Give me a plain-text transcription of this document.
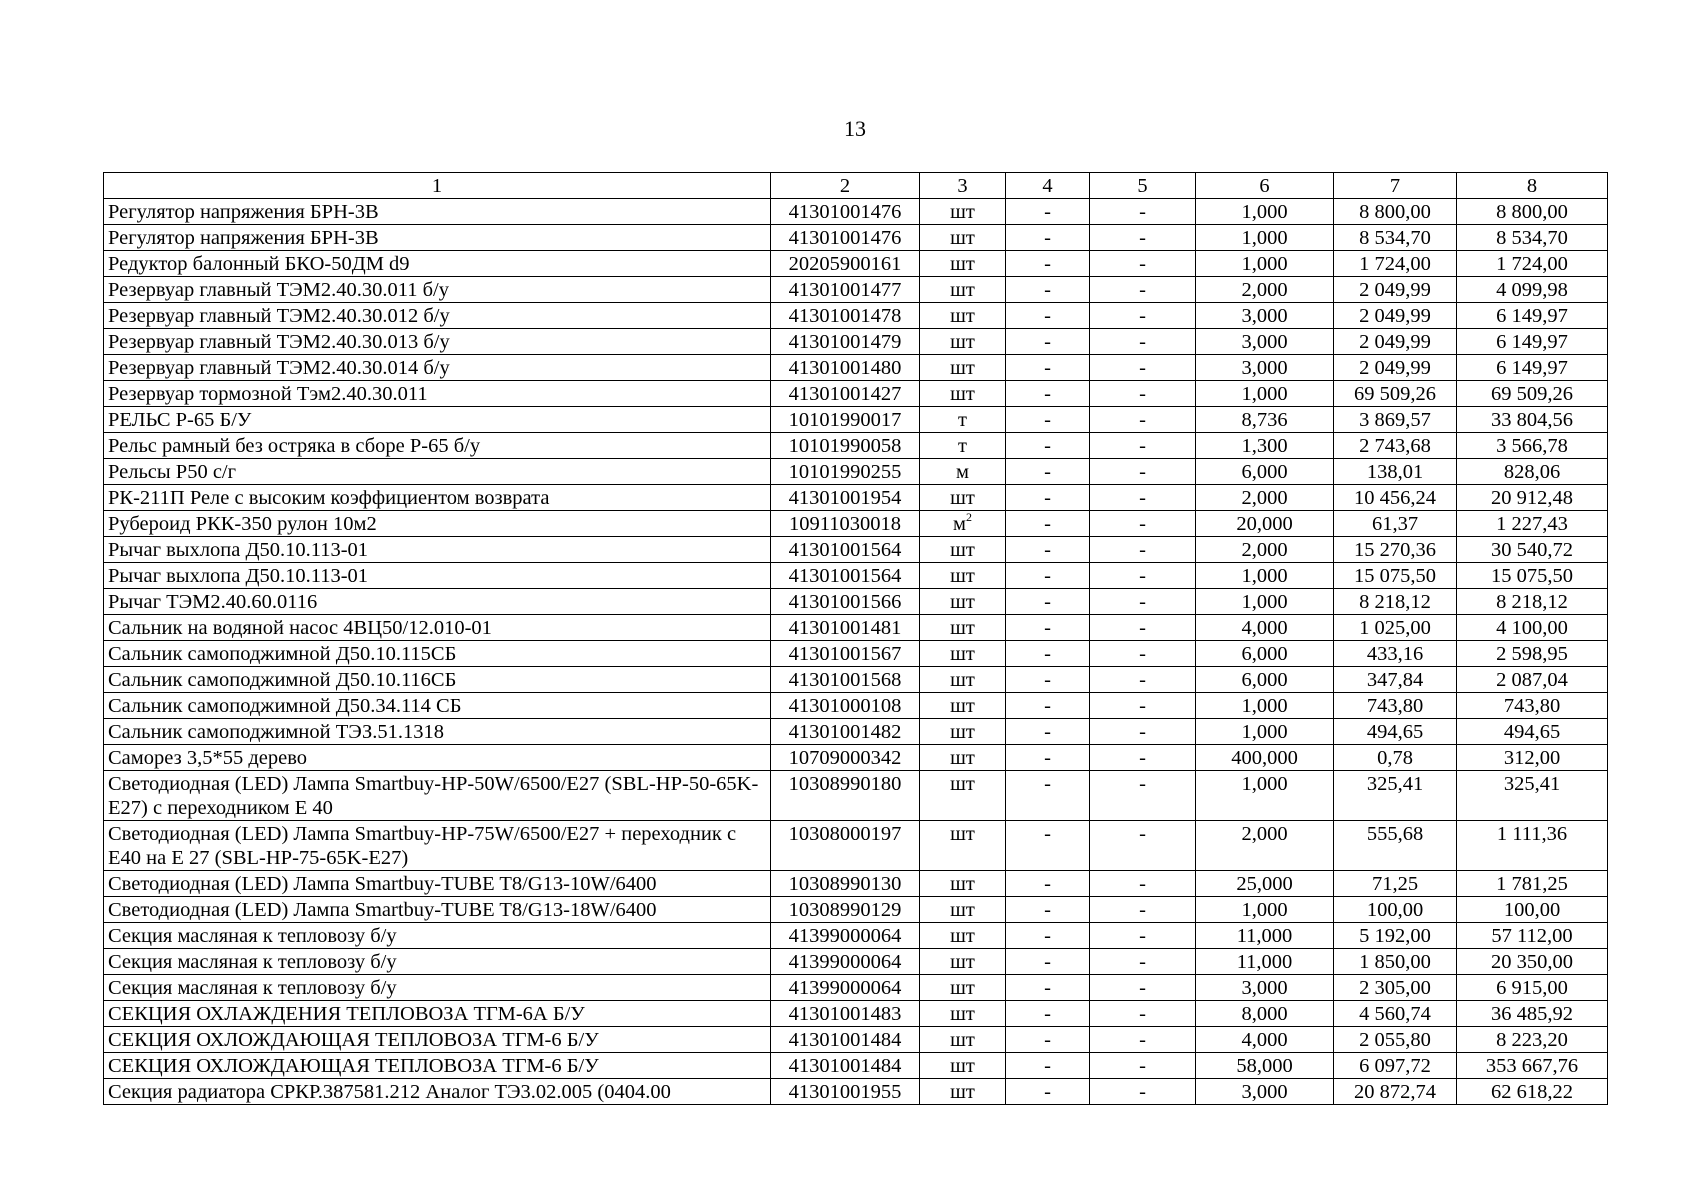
13
1	2	3	4	5	6	7	8
Регулятор напряжения БРН-3В	41301001476	шт	-	-	1,000	8 800,00	8 800,00
Регулятор напряжения БРН-3В	41301001476	шт	-	-	1,000	8 534,70	8 534,70
Редуктор балонный БКО-50ДМ d9	20205900161	шт	-	-	1,000	1 724,00	1 724,00
Резервуар главный ТЭМ2.40.30.011 б/у	41301001477	шт	-	-	2,000	2 049,99	4 099,98
Резервуар главный ТЭМ2.40.30.012 б/у	41301001478	шт	-	-	3,000	2 049,99	6 149,97
Резервуар главный ТЭМ2.40.30.013 б/у	41301001479	шт	-	-	3,000	2 049,99	6 149,97
Резервуар главный ТЭМ2.40.30.014 б/у	41301001480	шт	-	-	3,000	2 049,99	6 149,97
Резервуар тормозной Тэм2.40.30.011	41301001427	шт	-	-	1,000	69 509,26	69 509,26
РЕЛЬС Р-65 Б/У	10101990017	т	-	-	8,736	3 869,57	33 804,56
Рельс рамный без остряка в сборе Р-65 б/у	10101990058	т	-	-	1,300	2 743,68	3 566,78
Рельсы Р50 с/г	10101990255	м	-	-	6,000	138,01	828,06
РК-211П Реле с высоким коэффициентом возврата	41301001954	шт	-	-	2,000	10 456,24	20 912,48
Рубероид РКК-350 рулон 10м2	10911030018	$м^2$	-	-	20,000	61,37	1 227,43
Рычаг выхлопа Д50.10.113-01	41301001564	шт	-	-	2,000	15 270,36	30 540,72
Рычаг выхлопа Д50.10.113-01	41301001564	шт	-	-	1,000	15 075,50	15 075,50
Рычаг ТЭМ2.40.60.0116	41301001566	шт	-	-	1,000	8 218,12	8 218,12
Сальник на водяной насос 4ВЦ50/12.010-01	41301001481	шт	-	-	4,000	1 025,00	4 100,00
Сальник самоподжимной Д50.10.115СБ	41301001567	шт	-	-	6,000	433,16	2 598,95
Сальник самоподжимной Д50.10.116СБ	41301001568	шт	-	-	6,000	347,84	2 087,04
Сальник самоподжимной Д50.34.114 СБ	41301000108	шт	-	-	1,000	743,80	743,80
Сальник самоподжимной ТЭЗ.51.1318	41301001482	шт	-	-	1,000	494,65	494,65
Саморез 3,5*55 дерево	10709000342	шт	-	-	400,000	0,78	312,00
Светодиодная (LED) Лампа Smartbuy-HP-50W/6500/E27 (SBL-HP-50-65K-E27) с переходником Е 40	10308990180	шт	-	-	1,000	325,41	325,41
Светодиодная (LED) Лампа Smartbuy-HP-75W/6500/E27 + переходник с Е40 на Е 27 (SBL-HP-75-65K-E27)	10308000197	шт	-	-	2,000	555,68	1 111,36
Светодиодная (LED) Лампа Smartbuy-TUBE T8/G13-10W/6400	10308990130	шт	-	-	25,000	71,25	1 781,25
Светодиодная (LED) Лампа Smartbuy-TUBE T8/G13-18W/6400	10308990129	шт	-	-	1,000	100,00	100,00
Секция масляная к тепловозу б/у	41399000064	шт	-	-	11,000	5 192,00	57 112,00
Секция масляная к тепловозу б/у	41399000064	шт	-	-	11,000	1 850,00	20 350,00
Секция масляная к тепловозу б/у	41399000064	шт	-	-	3,000	2 305,00	6 915,00
СЕКЦИЯ ОХЛАЖДЕНИЯ ТЕПЛОВОЗА ТГМ-6А Б/У	41301001483	шт	-	-	8,000	4 560,74	36 485,92
СЕКЦИЯ ОХЛОЖДАЮЩАЯ ТЕПЛОВОЗА ТГМ-6 Б/У	41301001484	шт	-	-	4,000	2 055,80	8 223,20
СЕКЦИЯ ОХЛОЖДАЮЩАЯ ТЕПЛОВОЗА ТГМ-6 Б/У	41301001484	шт	-	-	58,000	6 097,72	353 667,76
Секция радиатора СРКР.387581.212 Аналог ТЭ3.02.005 (0404.00	41301001955	шт	-	-	3,000	20 872,74	62 618,22
